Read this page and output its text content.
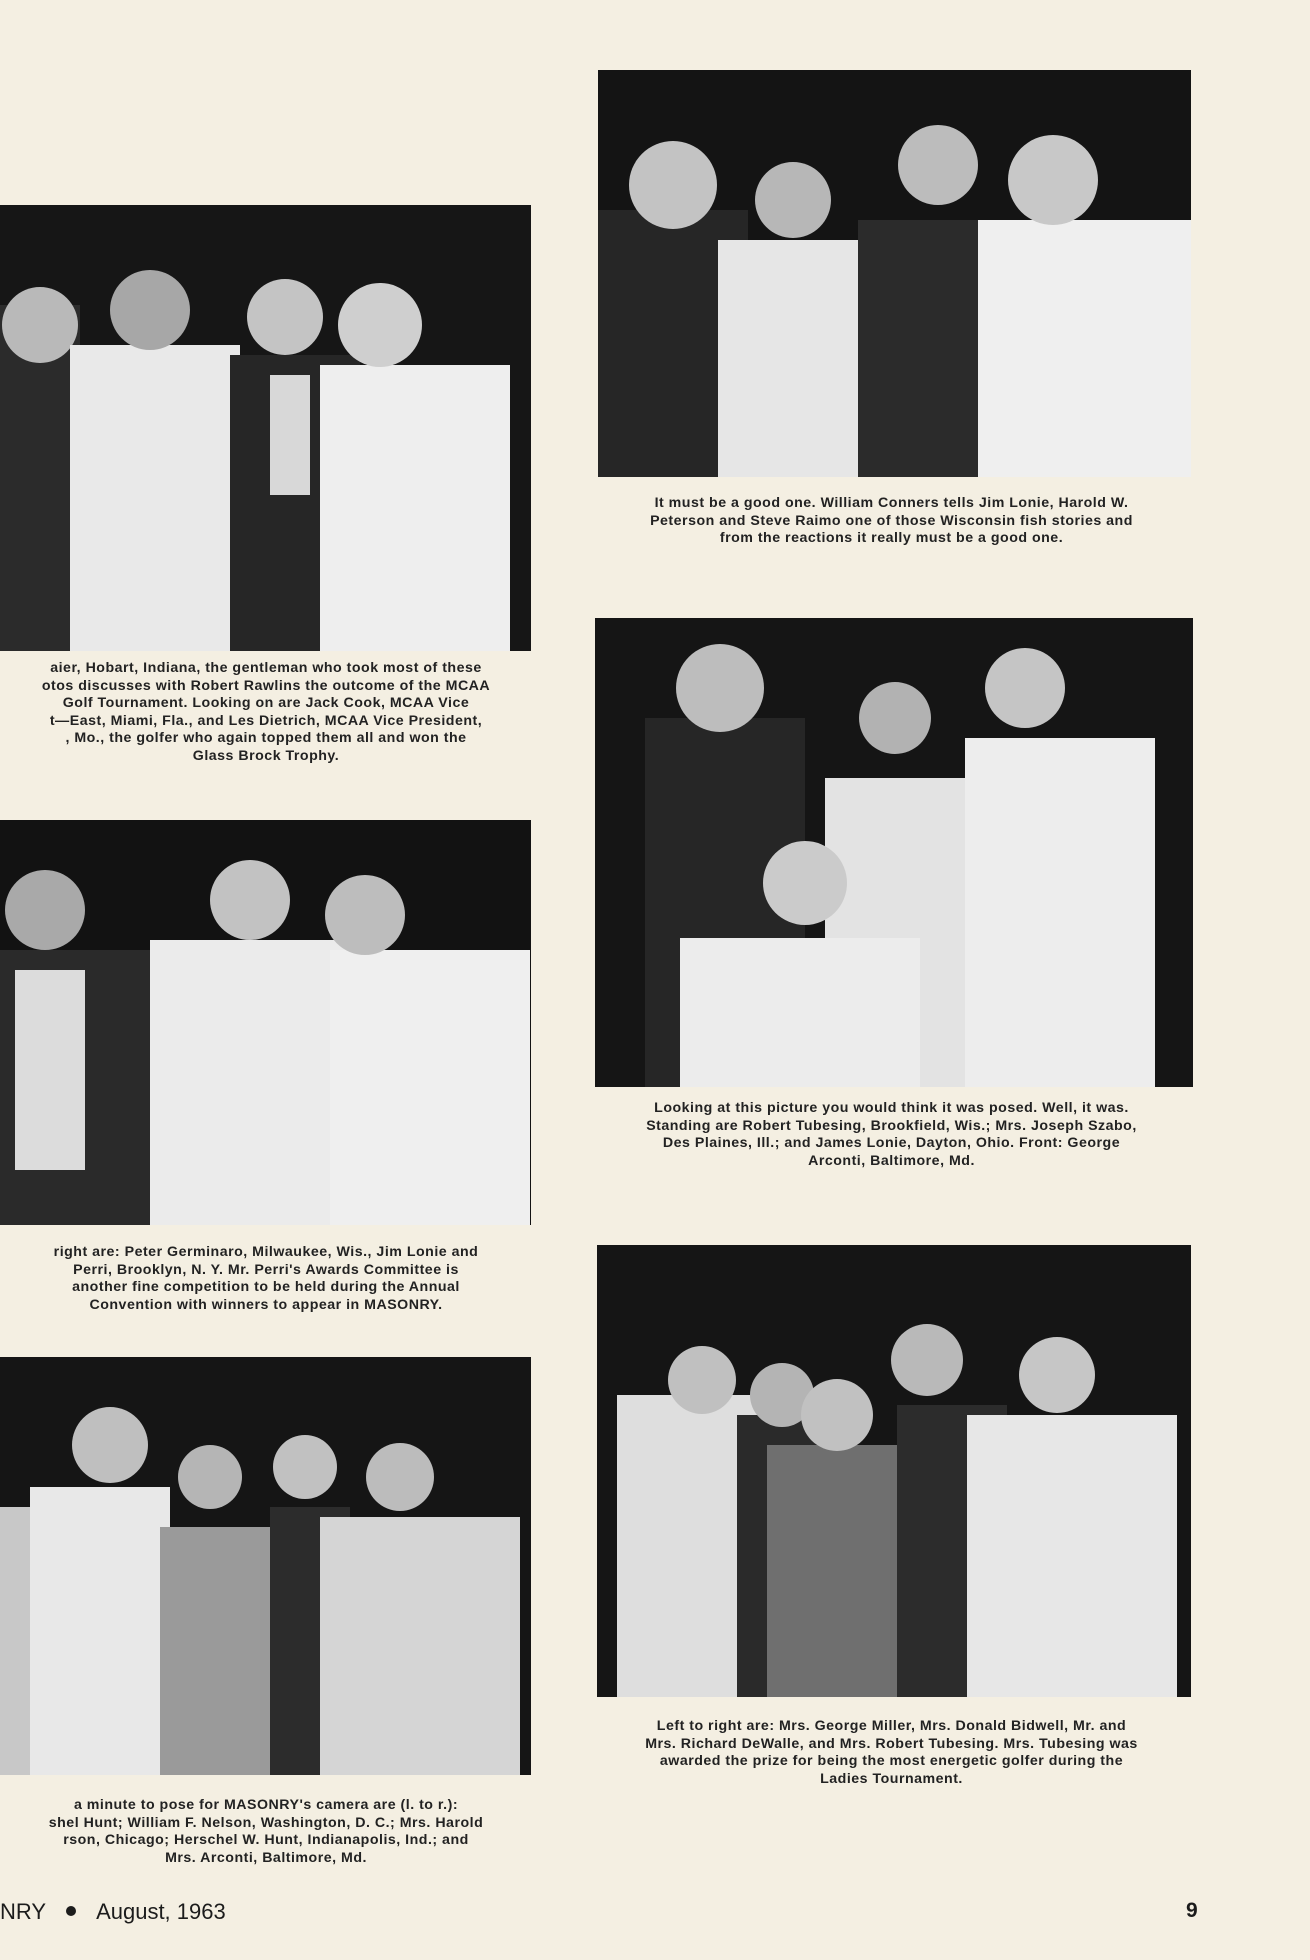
aier, Hobart, Indiana, the gentleman who took most of these
otos discusses with Robert Rawlins the outcome of the MCAA
Golf Tournament. Looking on are Jack Cook, MCAA Vice
t—East, Miami, Fla., and Les Dietrich, MCAA Vice President,
, Mo., the golfer who again topped them all and won the
Glass Brock Trophy.
right are: Peter Germinaro, Milwaukee, Wis., Jim Lonie and
Perri, Brooklyn, N. Y. Mr. Perri's Awards Committee is
another fine competition to be held during the Annual
Convention with winners to appear in MASONRY.
a minute to pose for MASONRY's camera are (l. to r.):
shel Hunt; William F. Nelson, Washington, D. C.; Mrs. Harold
rson, Chicago; Herschel W. Hunt, Indianapolis, Ind.; and
Mrs. Arconti, Baltimore, Md.
It must be a good one. William Conners tells Jim Lonie, Harold W.
Peterson and Steve Raimo one of those Wisconsin fish stories and
from the reactions it really must be a good one.
Looking at this picture you would think it was posed. Well, it was.
Standing are Robert Tubesing, Brookfield, Wis.; Mrs. Joseph Szabo,
Des Plaines, Ill.; and James Lonie, Dayton, Ohio. Front: George
Arconti, Baltimore, Md.
Left to right are: Mrs. George Miller, Mrs. Donald Bidwell, Mr. and
Mrs. Richard DeWalle, and Mrs. Robert Tubesing. Mrs. Tubesing was
awarded the prize for being the most energetic golfer during the
Ladies Tournament.
NRY August, 1963	9
